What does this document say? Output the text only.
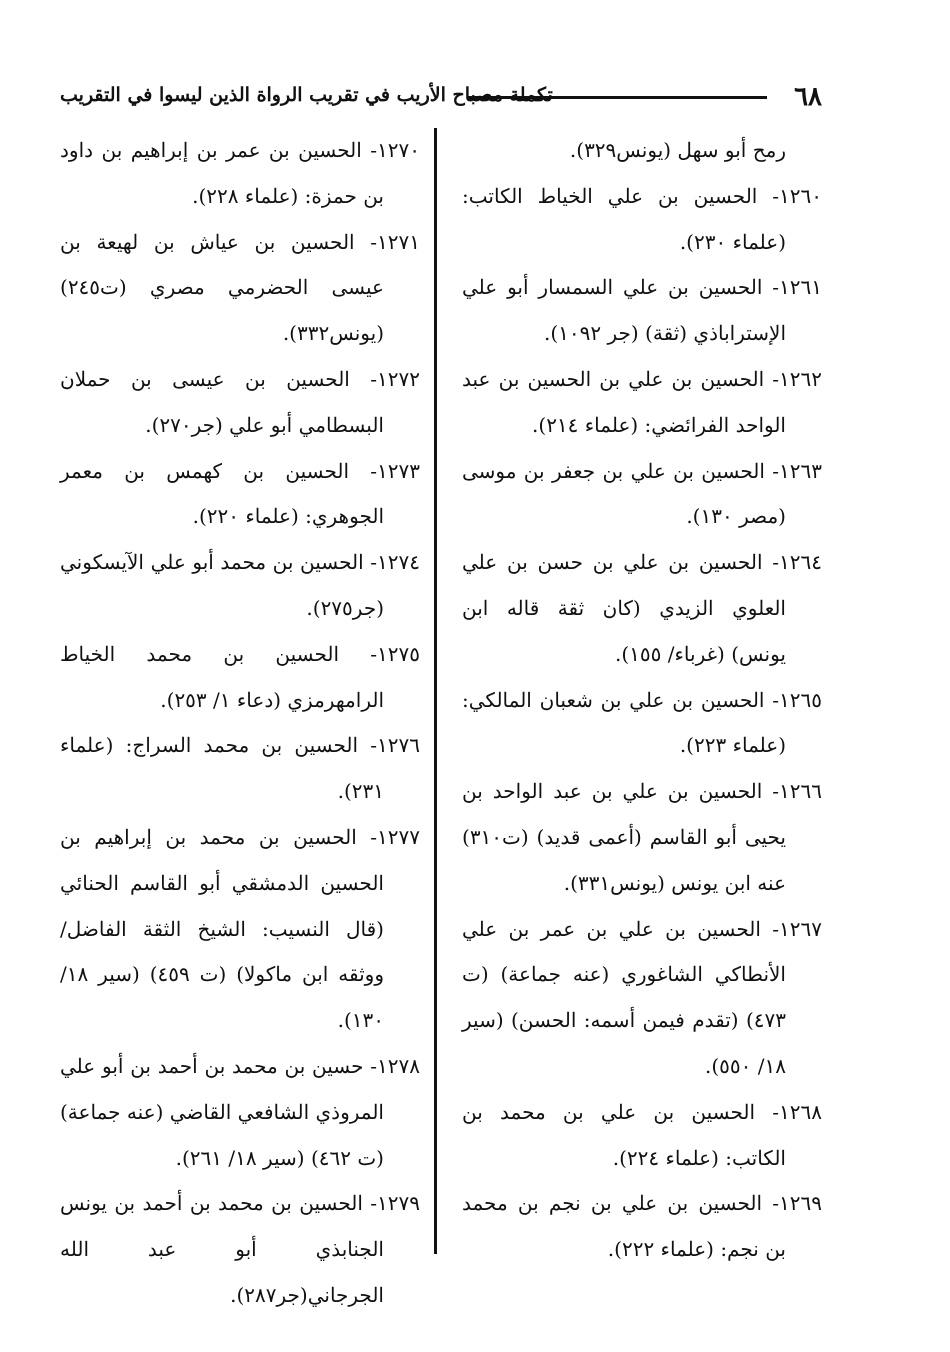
٦٨
تكملة مصباح الأريب في تقريب الرواة الذين ليسوا في التقريب

رمح أبو سهل (يونس٣٢٩).

١٢٦٠- الحسين بن علي الخياط الكاتب: (علماء ٢٣٠).

١٢٦١- الحسين بن علي السمسار أبو علي الإستراباذي (ثقة) (جر ١٠٩٢).

١٢٦٢- الحسين بن علي بن الحسين بن عبد الواحد الفرائضي: (علماء ٢١٤).

١٢٦٣- الحسين بن علي بن جعفر بن موسى (مصر ١٣٠).

١٢٦٤- الحسين بن علي بن حسن بن علي العلوي الزيدي (كان ثقة قاله ابن يونس) (غرباء/ ١٥٥).

١٢٦٥- الحسين بن علي بن شعبان المالكي: (علماء ٢٢٣).

١٢٦٦- الحسين بن علي بن عبد الواحد بن يحيى أبو القاسم (أعمى قديد) (ت٣١٠) عنه ابن يونس (يونس٣٣١).

١٢٦٧- الحسين بن علي بن عمر بن علي الأنطاكي الشاغوري (عنه جماعة) (ت ٤٧٣) (تقدم فيمن أسمه: الحسن) (سير ١٨/ ٥٥٠).

١٢٦٨- الحسين بن علي بن محمد بن الكاتب: (علماء ٢٢٤).

١٢٦٩- الحسين بن علي بن نجم بن محمد بن نجم: (علماء ٢٢٢).

١٢٧٠- الحسين بن عمر بن إبراهيم بن داود بن حمزة: (علماء ٢٢٨).

١٢٧١- الحسين بن عياش بن لهيعة بن عيسى الحضرمي مصري (ت٢٤٥) (يونس٣٣٢).

١٢٧٢- الحسين بن عيسى بن حملان البسطامي أبو علي (جر٢٧٠).

١٢٧٣- الحسين بن كهمس بن معمر الجوهري: (علماء ٢٢٠).

١٢٧٤- الحسين بن محمد أبو علي الآيسكوني (جر٢٧٥).

١٢٧٥- الحسين بن محمد الخياط الرامهرمزي (دعاء ١/ ٢٥٣).

١٢٧٦- الحسين بن محمد السراج: (علماء ٢٣١).

١٢٧٧- الحسين بن محمد بن إبراهيم بن الحسين الدمشقي أبو القاسم الحنائي (قال النسيب: الشيخ الثقة الفاضل/ ووثقه ابن ماكولا) (ت ٤٥٩) (سير ١٨/ ١٣٠).

١٢٧٨- حسين بن محمد بن أحمد بن أبو علي المروذي الشافعي القاضي (عنه جماعة) (ت ٤٦٢) (سير ١٨/ ٢٦١).

١٢٧٩- الحسين بن محمد بن أحمد بن يونس الجنابذي أبو عبد الله الجرجاني(جر٢٨٧).
